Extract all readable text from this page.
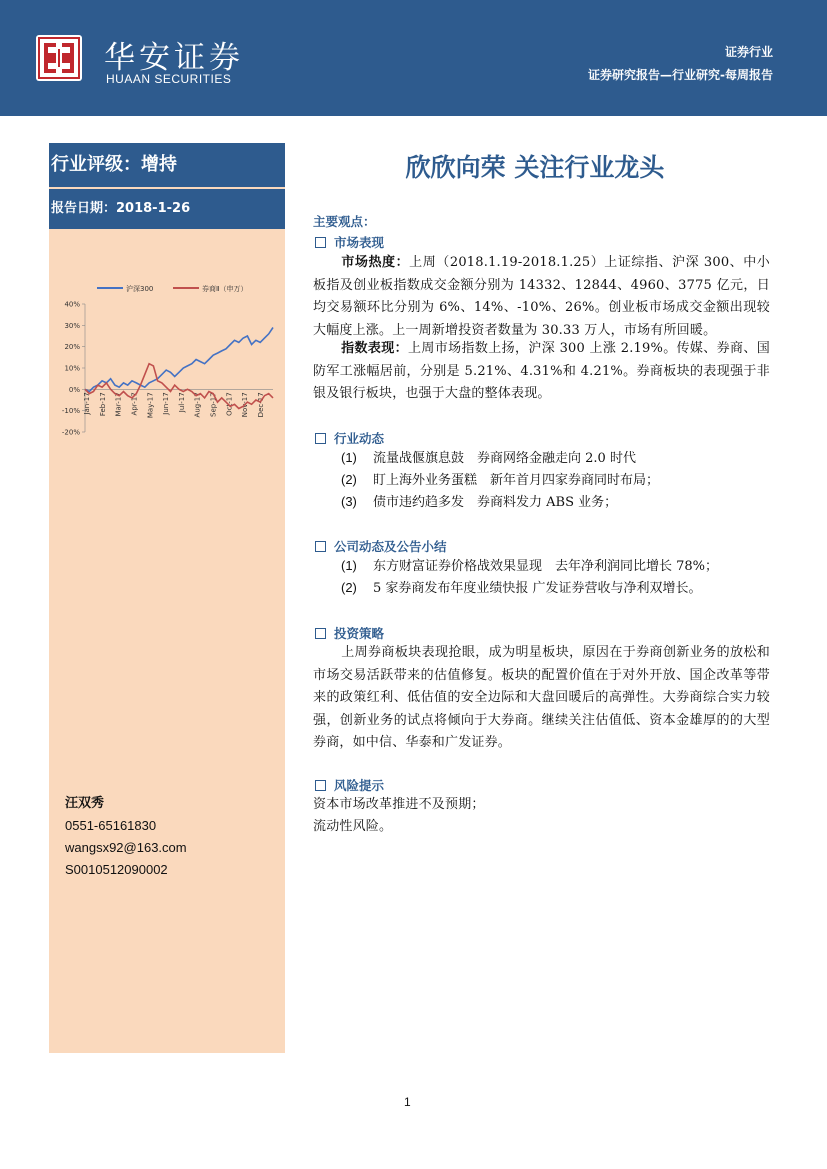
华安证券
HUAAN SECURITIES
证券行业
证券研究报告—行业研究-每周报告
行业评级：增持
报告日期：2018-1-26
沪深300	券商Ⅱ（申万）
40%
30%
20%
10%
0%
-10%
-20%
Jan-17 Feb-17 Mar-17 Apr-17 May-17 Jun-17 Jul-17 Aug-17 Sep-17 Oct-17 Nov-17 Dec-17
汪双秀
0551-65161830
wangsx92@163.com
S0010512090002
欣欣向荣 关注行业龙头
主要观点：
市场表现
市场热度：上周（2018.1.19-2018.1.25）上证综指、沪深 300、中小板指及创业板指数成交金额分别为 14332、12844、4960、3775 亿元，日均交易额环比分别为 6%、14%、-10%、26%。创业板市场成交金额出现较大幅度上涨。上一周新增投资者数量为 30.33 万人，市场有所回暖。
指数表现：上周市场指数上扬，沪深 300 上涨 2.19%。传媒、券商、国防军工涨幅居前，分别是 5.21%、4.31%和 4.21%。券商板块的表现强于非银及银行板块，也强于大盘的整体表现。
行业动态
(1) 流量战偃旗息鼓　券商网络金融走向 2.0 时代
(2) 盯上海外业务蛋糕　新年首月四家券商同时布局；
(3) 债市违约趋多发　券商料发力 ABS 业务；
公司动态及公告小结
(1) 东方财富证券价格战效果显现　去年净利润同比增长 78%；
(2) 5 家券商发布年度业绩快报 广发证券营收与净利双增长。
投资策略
上周券商板块表现抢眼，成为明星板块，原因在于券商创新业务的放松和市场交易活跃带来的估值修复。板块的配置价值在于对外开放、国企改革等带来的政策红利、低估值的安全边际和大盘回暖后的高弹性。大券商综合实力较强，创新业务的试点将倾向于大券商。继续关注估值低、资本金雄厚的的大型券商，如中信、华泰和广发证券。
风险提示
资本市场改革推进不及预期；
流动性风险。
1
